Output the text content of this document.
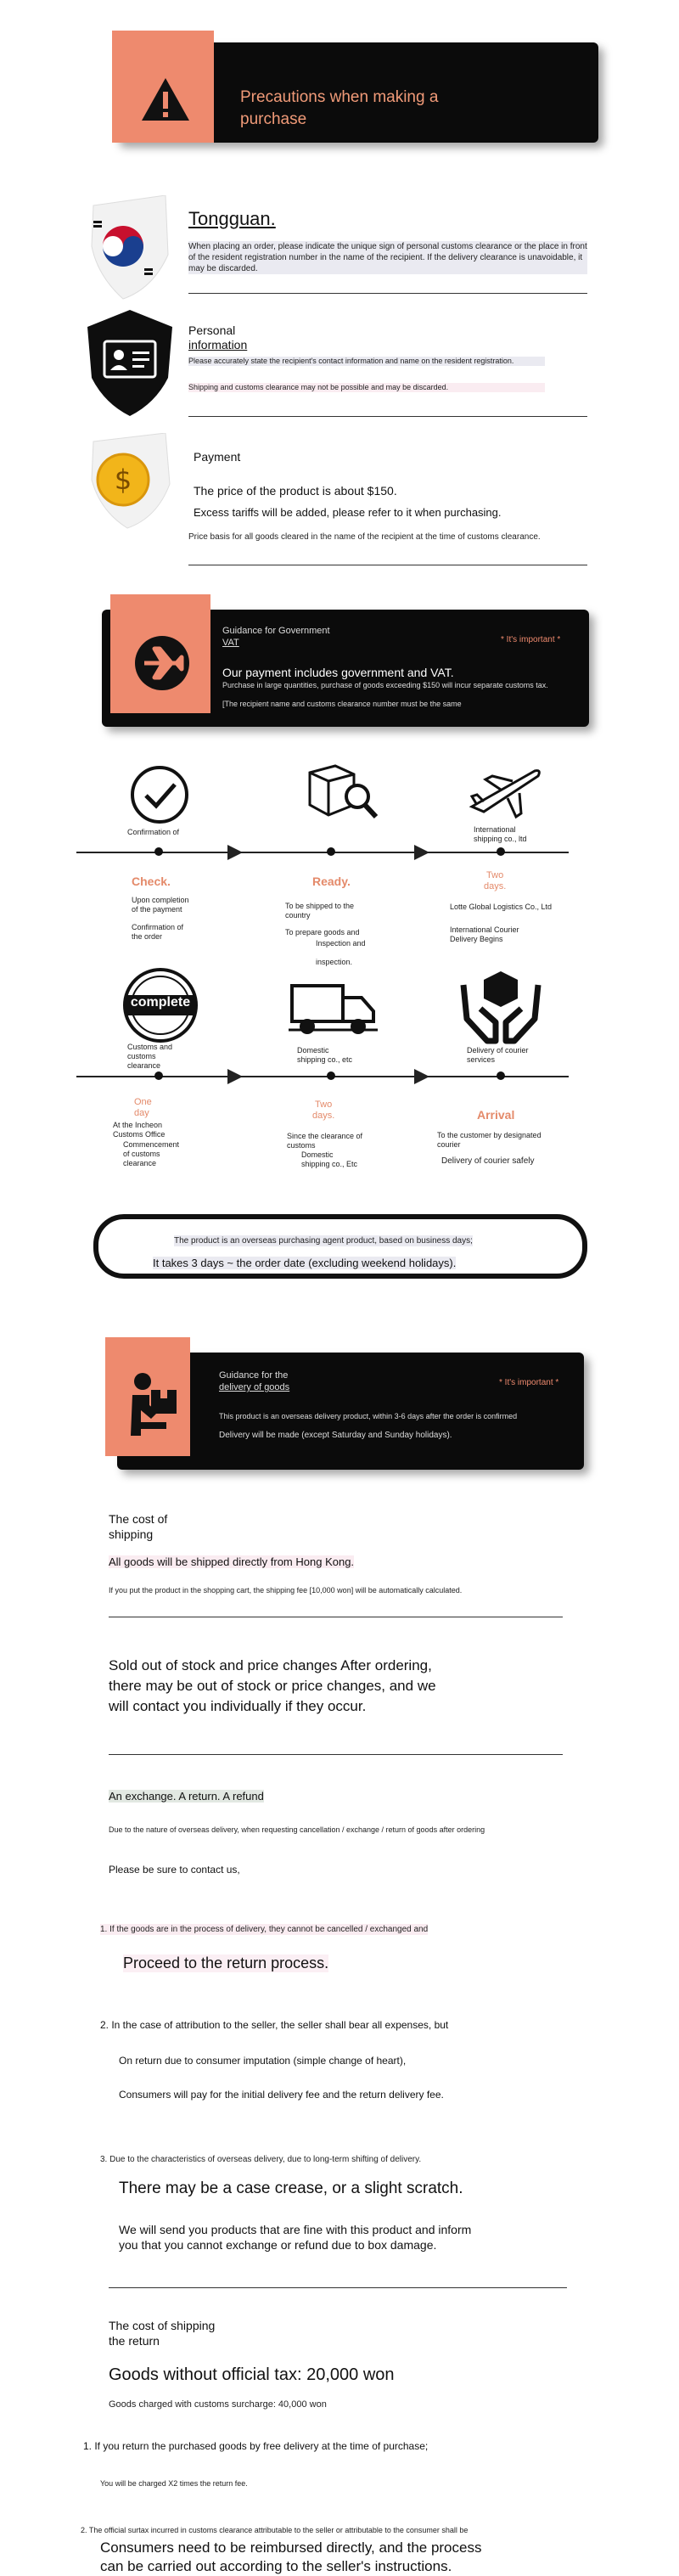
Precautions when making a
purchase
Tongguan.
When placing an order, please indicate the unique sign of personal customs clearance or the place in front of the resident registration number in the name of the recipient. If the delivery clearance is unavoidable, it may be discarded.
Personal
information
Please accurately state the recipient's contact information and name on the resident registration.
Shipping and customs clearance may not be possible and may be discarded.
$
Payment
The price of the product is about $150.
Excess tariffs will be added, please refer to it when purchasing.
Price basis for all goods cleared in the name of the recipient at the time of customs clearance.
Guidance for Government
VAT	* It's important *
Our payment includes government and VAT.
Purchase in large quantities, purchase of goods exceeding $150 will incur separate customs tax.
[The recipient name and customs clearance number must be the same
Confirmation of	International shipping co., ltd
Check.
Upon completion of the payment
Confirmation of the order
Ready.
To be shipped to the country
To prepare goods and
Inspection and
inspection.
Two
days.
Lotte Global Logistics Co., Ltd
International Courier Delivery Begins
complete
Customs and customs clearance
Domestic shipping co., etc
Delivery of courier services
One day
At the Incheon Customs Office
Commencement of customs clearance
Two
days.
Since the clearance of customs
Domestic shipping co., Etc
Arrival
To the customer by designated courier
Delivery of courier safely
The product is an overseas purchasing agent product, based on business days;
It takes 3 days ~ the order date (excluding weekend holidays).
Guidance for the
delivery of goods	* It's important *
This product is an overseas delivery product, within 3-6 days after the order is confirmed
Delivery will be made (except Saturday and Sunday holidays).
The cost of
shipping
All goods will be shipped directly from Hong Kong.
If you put the product in the shopping cart, the shipping fee [10,000 won] will be automatically calculated.
Sold out of stock and price changes After ordering,
there may be out of stock or price changes, and we
will contact you individually if they occur.
An exchange. A return. A refund
Due to the nature of overseas delivery, when requesting cancellation / exchange / return of goods after ordering
Please be sure to contact us,
1. If the goods are in the process of delivery, they cannot be cancelled / exchanged and
Proceed to the return process.
2. In the case of attribution to the seller, the seller shall bear all expenses, but
On return due to consumer imputation (simple change of heart),
Consumers will pay for the initial delivery fee and the return delivery fee.
3. Due to the characteristics of overseas delivery, due to long-term shifting of delivery.
There may be a case crease, or a slight scratch.
We will send you products that are fine with this product and inform
you that you cannot exchange or refund due to box damage.
The cost of shipping
the return
Goods without official tax: 20,000 won
Goods charged with customs surcharge: 40,000 won
1. If you return the purchased goods by free delivery at the time of purchase;
You will be charged X2 times the return fee.
2. The official surtax incurred in customs clearance attributable to the seller or attributable to the consumer shall be
Consumers need to be reimbursed directly, and the process
can be carried out according to the seller's instructions.
